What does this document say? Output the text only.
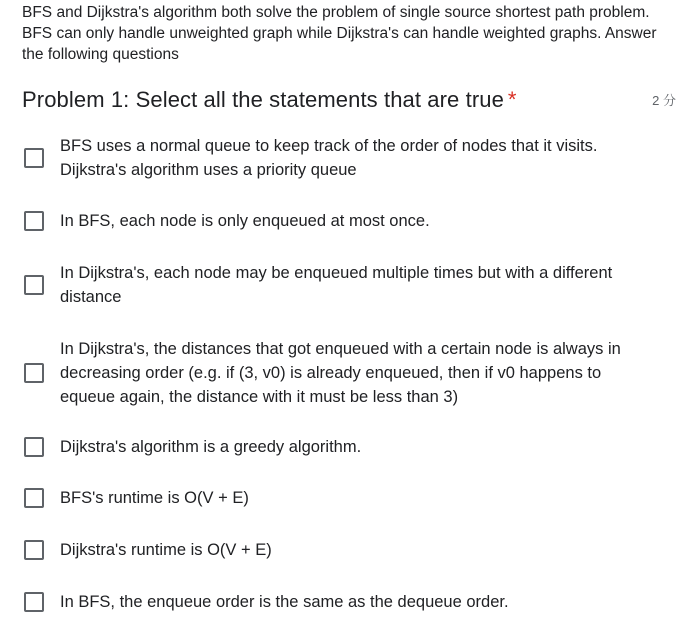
BFS and Dijkstra's algorithm both solve the problem of single source shortest path problem.

BFS can only handle unweighted graph while Dijkstra's can handle weighted graphs. Answer

the following questions

Problem 1: Select all the statements that are true *	2 分
BFS uses a normal queue to keep track of the order of nodes that it visits. Dijkstra's algorithm uses a priority queue
In BFS, each node is only enqueued at most once.
In Dijkstra's, each node may be enqueued multiple times but with a different distance
In Dijkstra's, the distances that got enqueued with a certain node is always in decreasing order (e.g. if (3, v0) is already enqueued, then if v0 happens to equeue again, the distance with it must be less than 3)
Dijkstra's algorithm is a greedy algorithm.
BFS's runtime is O(V + E)
Dijkstra's runtime is O(V + E)
In BFS, the enqueue order is the same as the dequeue order.
